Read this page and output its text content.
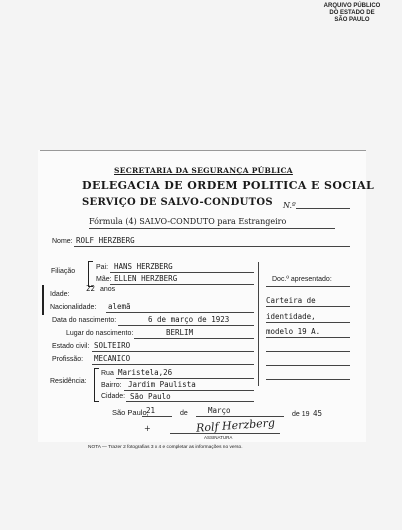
ARQUIVO PÚBLICO
DO ESTADO DE
SÃO PAULO
SECRETARIA DA SEGURANÇA PÚBLICA
DELEGACIA DE ORDEM POLITICA E SOCIAL
SERVIÇO DE SALVO-CONDUTOS N.º
Fórmula (4) SALVO-CONDUTO para Estrangeiro
Nome: ROLF HERZBERG
Filiação
Pai: HANS HERZBERG
Mãe: ELLEN HERZBERG	Doc.º apresentado:
Carteira de
identidade,
modelo 19 A.
Idade:
22 anos
Nacionalidade: alemã
Data do nascimento:	6 de março de 1923
Lugar do nascimento:	BERLIM
Estado civil: SOLTEIRO
Profissão: MECANICO
Residência:
Rua Maristela,26
Bairro: Jardim Paulista
Cidade: São Paulo
São Paulo,
21	de	Março	de 19 45
+	Rolf Herzberg
ASSINATURA
NOTA — Trazer 2 fotografias 3 x 4 e completar as informações no verso.
